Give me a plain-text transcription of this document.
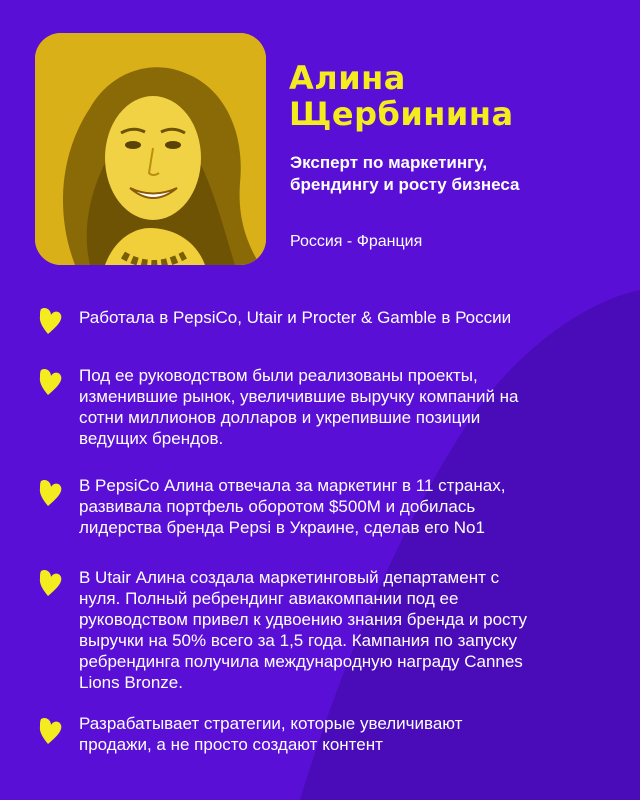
Алина
Щербинина

Эксперт по маркетингу,
брендингу и росту бизнеса

Россия - Франция
Работала в PepsiCo, Utair и Procter & Gamble в России
Под ее руководством были реализованы проекты,
изменившие рынок, увеличившие выручку компаний на
сотни миллионов долларов и укрепившие позиции
ведущих брендов.
В PepsiCo Алина отвечала за маркетинг в 11 странах,
развивала портфель оборотом $500M и добилась
лидерства бренда Pepsi в Украине, сделав его No1
В Utair Алина создала маркетинговый департамент с
нуля. Полный ребрендинг авиакомпании под ее
руководством привел к удвоению знания бренда и росту
выручки на 50% всего за 1,5 года. Кампания по запуску
ребрендинга получила международную награду Cannes
Lions Bronze.
Разрабатывает стратегии, которые увеличивают
продажи, а не просто создают контент
